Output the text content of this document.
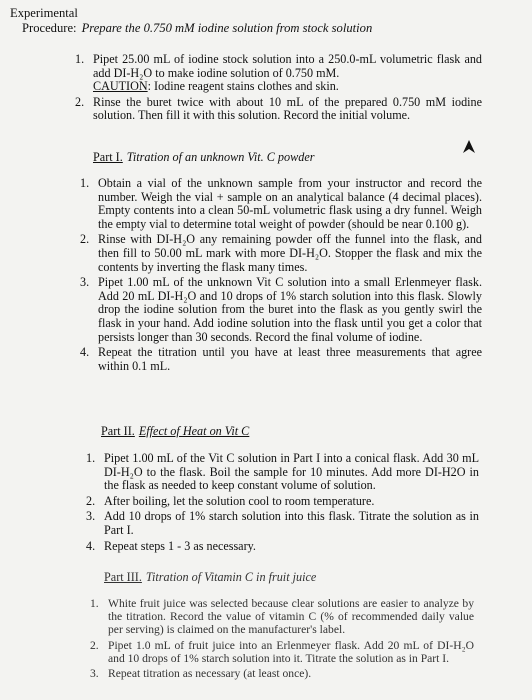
Experimental
Procedure: Prepare the 0.750 mM iodine solution from stock solution
1. Pipet 25.00 mL of iodine stock solution into a 250.0-mL volumetric flask and add DI-H₂O to make iodine solution of 0.750 mM.
CAUTION: Iodine reagent stains clothes and skin.
2. Rinse the buret twice with about 10 mL of the prepared 0.750 mM iodine solution. Then fill it with this solution. Record the initial volume.
Part I. Titration of an unknown Vit. C powder
1. Obtain a vial of the unknown sample from your instructor and record the number. Weigh the vial + sample on an analytical balance (4 decimal places). Empty contents into a clean 50-mL volumetric flask using a dry funnel. Weigh the empty vial to determine total weight of powder (should be near 0.100 g).
2. Rinse with DI-H₂O any remaining powder off the funnel into the flask, and then fill to 50.00 mL mark with more DI-H₂O. Stopper the flask and mix the contents by inverting the flask many times.
3. Pipet 1.00 mL of the unknown Vit C solution into a small Erlenmeyer flask. Add 20 mL DI-H₂O and 10 drops of 1% starch solution into this flask. Slowly drop the iodine solution from the buret into the flask as you gently swirl the flask in your hand. Add iodine solution into the flask until you get a color that persists longer than 30 seconds. Record the final volume of iodine.
4. Repeat the titration until you have at least three measurements that agree within 0.1 mL.
Part II. Effect of Heat on Vit C
1. Pipet 1.00 mL of the Vit C solution in Part I into a conical flask. Add 30 mL DI-H₂O to the flask. Boil the sample for 10 minutes. Add more DI-H2O in the flask as needed to keep constant volume of solution.
2. After boiling, let the solution cool to room temperature.
3. Add 10 drops of 1% starch solution into this flask. Titrate the solution as in Part I.
4. Repeat steps 1 - 3 as necessary.
Part III. Titration of Vitamin C in fruit juice
1. White fruit juice was selected because clear solutions are easier to analyze by the titration. Record the value of vitamin C (% of recommended daily value per serving) is claimed on the manufacturer's label.
2. Pipet 1.0 mL of fruit juice into an Erlenmeyer flask. Add 20 mL of DI-H₂O and 10 drops of 1% starch solution into it. Titrate the solution as in Part I.
3. Repeat titration as necessary (at least once).
